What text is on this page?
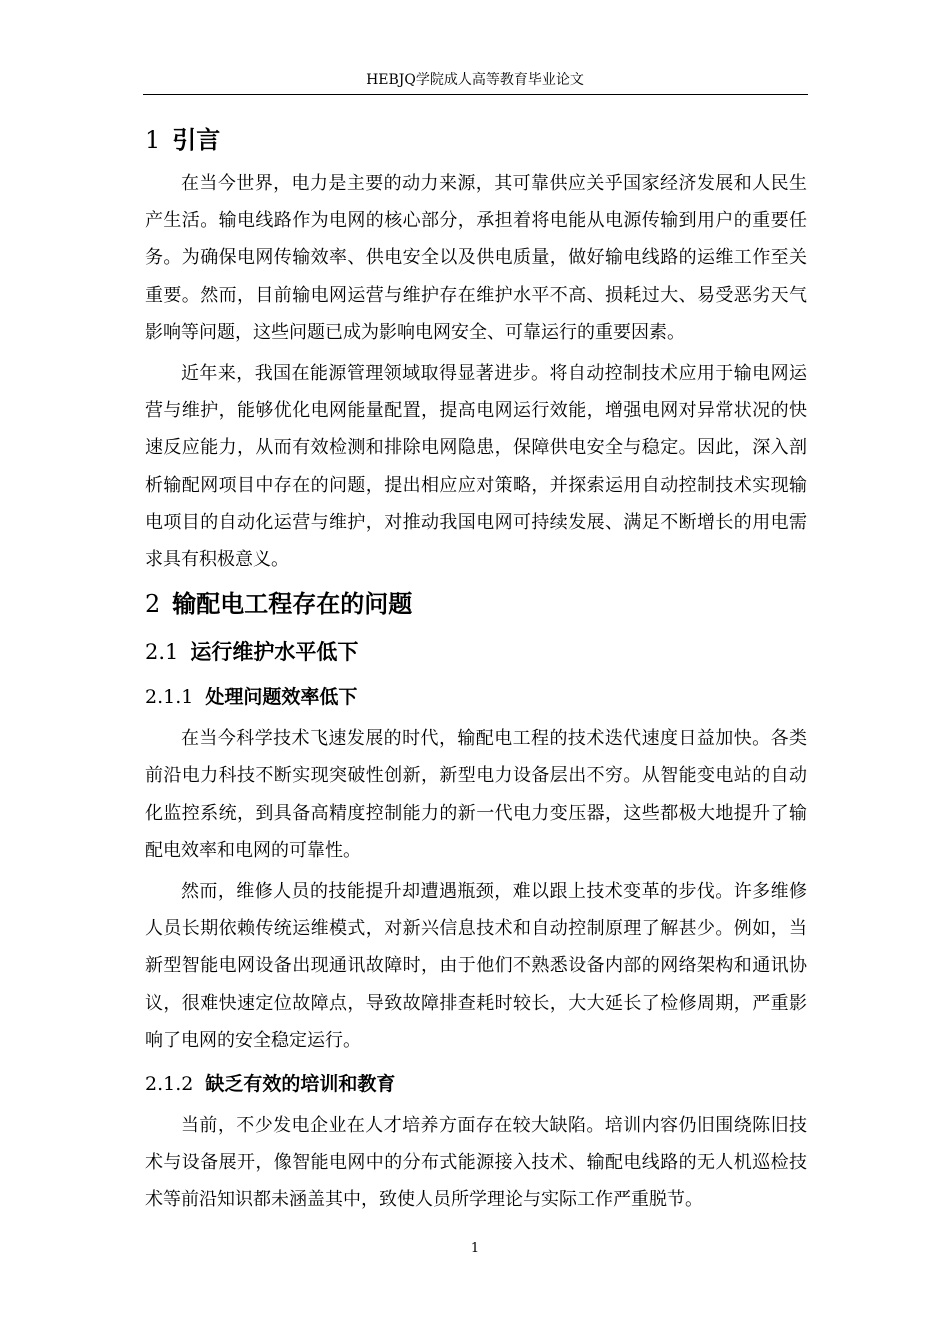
HEBJQ学院成人高等教育毕业论文
1 引言

在当今世界，电力是主要的动力来源，其可靠供应关乎国家经济发展和人民生产生活。输电线路作为电网的核心部分，承担着将电能从电源传输到用户的重要任务。为确保电网传输效率、供电安全以及供电质量，做好输电线路的运维工作至关重要。然而，目前输电网运营与维护存在维护水平不高、损耗过大、易受恶劣天气影响等问题，这些问题已成为影响电网安全、可靠运行的重要因素。

近年来，我国在能源管理领域取得显著进步。将自动控制技术应用于输电网运营与维护，能够优化电网能量配置，提高电网运行效能，增强电网对异常状况的快速反应能力，从而有效检测和排除电网隐患，保障供电安全与稳定。因此，深入剖析输配网项目中存在的问题，提出相应应对策略，并探索运用自动控制技术实现输电项目的自动化运营与维护，对推动我国电网可持续发展、满足不断增长的用电需求具有积极意义。

2 输配电工程存在的问题
2.1 运行维护水平低下
2.1.1 处理问题效率低下

在当今科学技术飞速发展的时代，输配电工程的技术迭代速度日益加快。各类前沿电力科技不断实现突破性创新，新型电力设备层出不穷。从智能变电站的自动化监控系统，到具备高精度控制能力的新一代电力变压器，这些都极大地提升了输配电效率和电网的可靠性。

然而，维修人员的技能提升却遭遇瓶颈，难以跟上技术变革的步伐。许多维修人员长期依赖传统运维模式，对新兴信息技术和自动控制原理了解甚少。例如，当新型智能电网设备出现通讯故障时，由于他们不熟悉设备内部的网络架构和通讯协议，很难快速定位故障点，导致故障排查耗时较长，大大延长了检修周期，严重影响了电网的安全稳定运行。

2.1.2 缺乏有效的培训和教育

当前，不少发电企业在人才培养方面存在较大缺陷。培训内容仍旧围绕陈旧技术与设备展开，像智能电网中的分布式能源接入技术、输配电线路的无人机巡检技术等前沿知识都未涵盖其中，致使人员所学理论与实际工作严重脱节。

1
